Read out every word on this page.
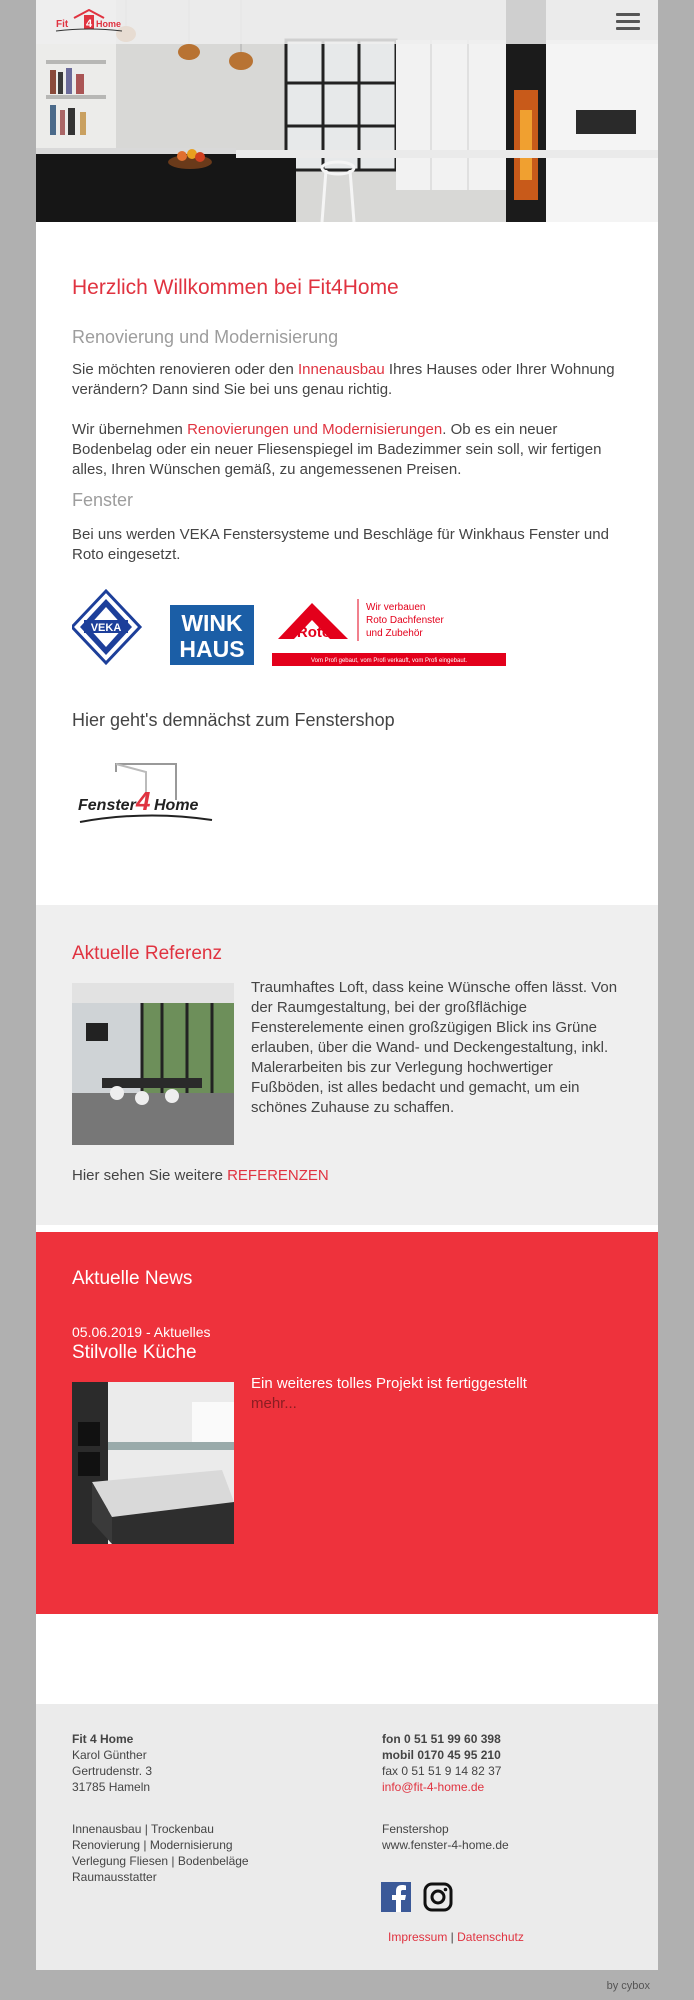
Fit 4 Home
Herzlich Willkommen bei Fit4Home
Renovierung und Modernisierung

Sie möchten renovieren oder den Innenausbau Ihres Hauses oder Ihrer Wohnung verändern? Dann sind Sie bei uns genau richtig.

Wir übernehmen Renovierungen und Modernisierungen. Ob es ein neuer Bodenbelag oder ein neuer Fliesenspiegel im Badezimmer sein soll, wir fertigen alles, Ihren Wünschen gemäß, zu angemessenen Preisen.

Fenster

Bei uns werden VEKA Fenstersysteme und Beschläge für Winkhaus Fenster und Roto eingesetzt.

VEKA	WINK
HAUS
Roto
Wir verbauen
Roto Dachfenster
und Zubehör
Vom Profi gebaut, vom Profi verkauft, vom Profi eingebaut.
Hier geht's demnächst zum Fenstershop
Fenster 4 Home
Aktuelle Referenz

Traumhaftes Loft, dass keine Wünsche offen lässt. Von der Raumgestaltung, bei der großflächige Fensterelemente einen großzügigen Blick ins Grüne erlauben, über die Wand- und Deckengestaltung, inkl. Malerarbeiten bis zur Verlegung hochwertiger Fußböden, ist alles bedacht und gemacht, um ein schönes Zuhause zu schaffen.

Hier sehen Sie weitere REFERENZEN

Aktuelle News

05.06.2019 - Aktuelles

Stilvolle Küche

Ein weiteres tolles Projekt ist fertiggestellt

mehr...

Fit 4 Home
Karol Günther
Gertrudenstr. 3
31785 Hameln
fon 0 51 51 99 60 398
mobil 0170 45 95 210
fax 0 51 51 9 14 82 37
info@fit-4-home.de
Innenausbau | Trockenbau
Renovierung | Modernisierung
Verlegung Fliesen | Bodenbeläge
Raumausstatter
Fenstershop
www.fenster-4-home.de

Impressum | Datenschutz
by cybox
